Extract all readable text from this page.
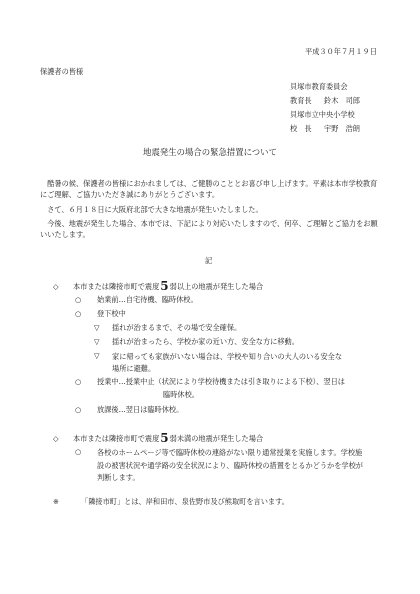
平成３０年７月１９日
保護者の皆様
貝塚市教育委員会
教育長 鈴木　司郎
貝塚市立中央小学校
校　長 宇野　浩朗
地震発生の場合の緊急措置について
酷暑の候、保護者の皆様におかれましては、ご健勝のこととお喜び申し上げます。平素は本市学校教育にご理解、ご協力いただき誠にありがとうございます。
さて、６月１８日に大阪府北部で大きな地震が発生いたしました。
今後、地震が発生した場合、本市では、下記により対応いたしますので、何卒、ご理解とご協力をお願いいたします。
記
◇ 本市または隣接市町で震度5弱以上の地震が発生した場合
○ 始業前…自宅待機、臨時休校。
○ 登下校中
▽ 揺れが治まるまで、その場で安全確保。
▽ 揺れが治まったら、学校か家の近い方、安全な方に移動。
▽	家に帰っても家族がいない場合は、学校や知り合いの大人のいる安全な場所に避難。
○ 授業中…授業中止（状況により学校待機または引き取りによる下校）、翌日は
臨時休校。
○ 放課後…翌日は臨時休校。
◇ 本市または隣接市町で震度5弱未満の地震が発生した場合
○	各校のホームページ等で臨時休校の連絡がない限り通常授業を実施します。学校施設の被害状況や通学路の安全状況により、臨時休校の措置をとるかどうかを学校が判断します。
※	「隣接市町」とは、岸和田市、泉佐野市及び熊取町を言います。
